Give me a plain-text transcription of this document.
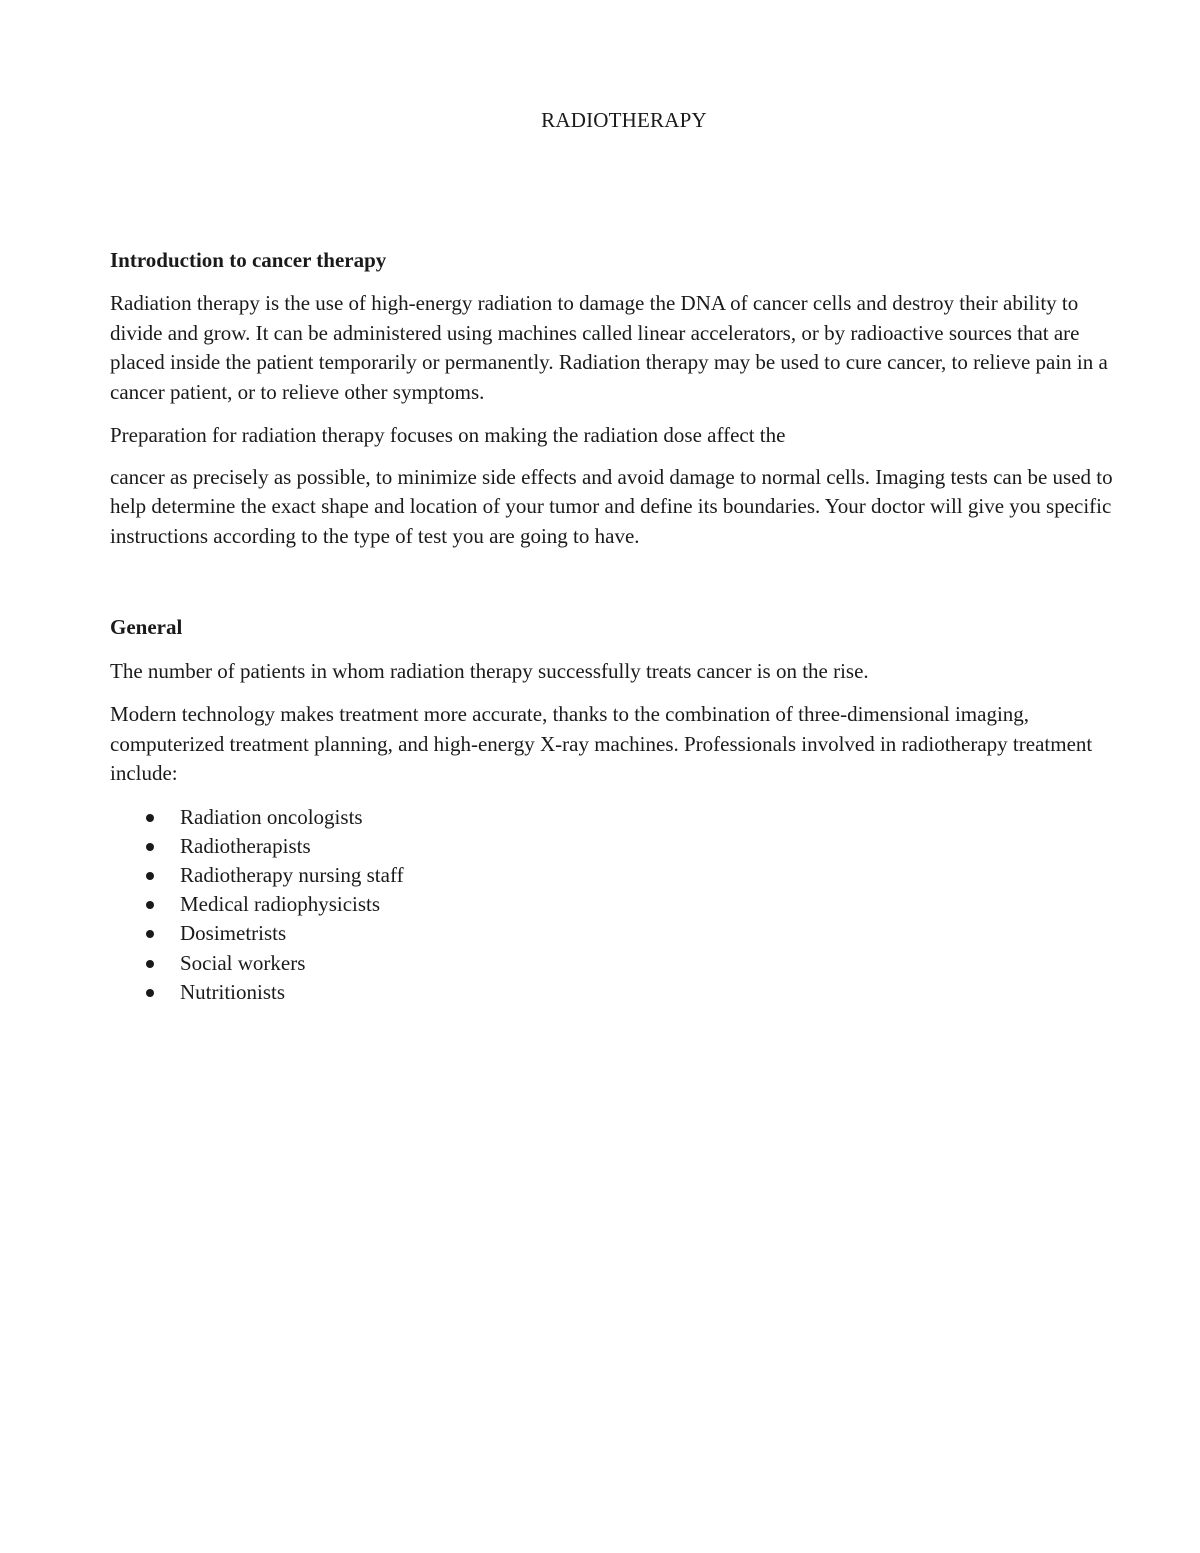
RADIOTHERAPY
Introduction to cancer therapy

Radiation therapy is the use of high-energy radiation to damage the DNA of cancer cells and destroy their ability to divide and grow. It can be administered using machines called linear accelerators, or by radioactive sources that are placed inside the patient temporarily or permanently. Radiation therapy may be used to cure cancer, to relieve pain in a cancer patient, or to relieve other symptoms.

Preparation for radiation therapy focuses on making the radiation dose affect the

cancer as precisely as possible, to minimize side effects and avoid damage to normal cells. Imaging tests can be used to help determine the exact shape and location of your tumor and define its boundaries. Your doctor will give you specific instructions according to the type of test you are going to have.

General

The number of patients in whom radiation therapy successfully treats cancer is on the rise.

Modern technology makes treatment more accurate, thanks to the combination of three-dimensional imaging, computerized treatment planning, and high-energy X-ray machines. Professionals involved in radiotherapy treatment include:

Radiation oncologists
Radiotherapists
Radiotherapy nursing staff
Medical radiophysicists
Dosimetrists
Social workers
Nutritionists
